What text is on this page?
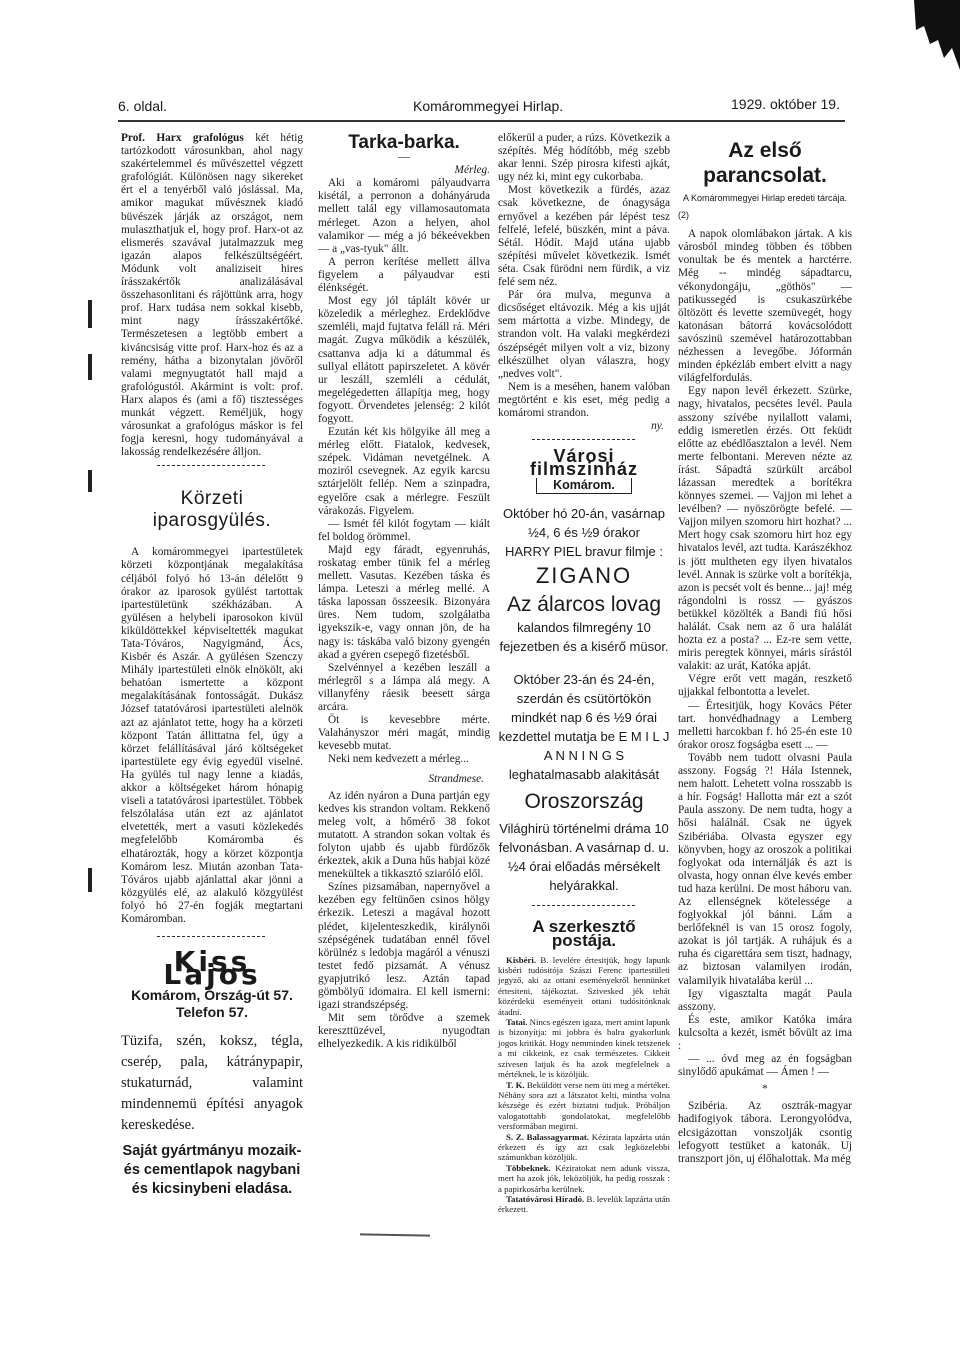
6. oldal.	Komárommegyei Hirlap.	1929. október 19.

Prof. Harx grafológus két hétig tartózkodott városunkban, ahol nagy szakértelemmel és művészettel végzett grafológiát. Különösen nagy sikereket ért el a tenyérből való jóslással. Ma, amikor magukat művésznek kiadó büvészek járják az országot, nem mulaszthatjuk el, hogy prof. Harx-ot az elismerés szavával jutalmazzuk meg igazán alapos felkészültségéért. Módunk volt analiziseit hires írásszakértők analizálásával összehasonlitani és rájöttünk arra, hogy prof. Harx tudása nem sokkal kisebb, mint nagy írásszakértőké. Természetesen a legtöbb embert a kiváncsiság vitte prof. Harx-hoz és az a remény, hátha a bizonytalan jövőről valami megnyugtatót hall majd a grafológustól. Akármint is volt: prof. Harx alapos és (ami a fő) tisztességes munkát végzett. Reméljük, hogy városunkat a grafológus máskor is fel fogja keresni, hogy tudományával a lakosság rendelkezésére álljon.

Körzeti iparosgyülés.

A komárommegyei ipartestületek körzeti központjának megalakítása céljából folyó hó 13-án délelőtt 9 órakor az iparosok gyülést tartottak ipartestületünk székházában. A gyülésen a helybeli iparosokon kivül kiküldöttekkel képviseltették magukat Tata-Tóváros, Nagyigmánd, Ács, Kisbér és Aszár. A gyülésen Szenczy Mihály ipartestületi elnök elnökölt, aki behatóan ismertette a központ megalakításának fontosságát. Dukász József tatatóvárosi ipartestületi alelnök azt az ajánlatot tette, hogy ha a körzeti központ Tatán állittatna fel, úgy a körzet felállításával járó költségeket ipartestülete egy évig egyedül viselné. Ha gyülés tul nagy lenne a kiadás, akkor a költségeket három hónapig viseli a tatatóvárosi ipartestület. Többek felszólalása után ezt az ajánlatot elvetették, mert a vasuti közlekedés megfelelőbb Komáromba és elhatározták, hogy a körzet központja Komárom lesz. Miután azonban Tata-Tóváros ujabb ajánlattal akar jönni a közgyülés elé, az alakuló közgyülést folyó hó 27-én fogják megtartani Komáromban.

Kiss Lajos
Komárom, Ország-út 57.
Telefon 57.
Tüzifa, szén, koksz, tégla, cserép, pala, kátránypapir, stukaturnád, valamint mindennemü építési anyagok kereskedése.
Saját gyártmányu mozaik- és cementlapok nagybani és kicsinybeni eladása.
Tarka-barka.
—
Mérleg.

Aki a komáromi pályaudvarra kisétál, a perronon a dohányáruda mellett talál egy villamosautomata mérleget. Azon a helyen, ahol valamikor — még a jó békeévekben — a „vas-tyuk" állt.

A perron kerítése mellett állva figyelem a pályaudvar esti élénkségét.

Most egy jól táplált kövér ur közeledik a mérleghez. Erdeklődve szemléli, majd fujtatva feláll rá. Méri magát. Zugva működik a készülék, csattanva adja ki a dátummal és sullyal ellátott papirszeletet. A kövér ur leszáll, szemléli a cédulát, megelégedetten állapítja meg, hogy fogyott. Örvendetes jelenség: 2 kilót fogyott.

Ezután két kis hölgyike áll meg a mérleg előtt. Fiatalok, kedvesek, szépek. Vidáman nevetgélnek. A moziról csevegnek. Az egyik karcsu sztárjelölt fellép. Nem a szinpadra, egyelőre csak a mérlegre. Feszült várakozás. Figyelem.

— Ismét fél kilót fogytam — kiált fel boldog örömmel.

Majd egy fáradt, egyenruhás, roskatag ember tünik fel a mérleg mellett. Vasutas. Kezében táska és lámpa. Leteszi a mérleg mellé. A táska lapossan összeesik. Bizonyára üres. Nem tudom, szolgálatba igyekszik-e, vagy onnan jön, de ha nagy is: táskába való bizony gyengén akad a gyéren csepegő fizetésből.

Szelvénnyel a kezében leszáll a mérlegről s a lámpa alá megy. A villanyfény ráesik beesett sárga arcára.

Öt is kevesebbre mérte. Valahányszor méri magát, mindig kevesebb mutat.

Neki nem kedvezett a mérleg...

Strandmese.

Az idén nyáron a Duna partján egy kedves kis strandon voltam. Rekkenő meleg volt, a hőmérő 38 fokot mutatott. A strandon sokan voltak és folyton ujabb és ujabb fürdőzők érkeztek, akik a Duna hűs habjai közé menekültek a tikkasztó sziaróló elől.

Színes pizsamában, napernyővel a kezében egy feltünően csinos hölgy érkezik. Leteszi a magával hozott plédet, kijelenteszkedik, királynői szépségének tudatában ennél fővel körülnéz s ledobja magáról a vénuszi testet fedő pizsamát. A vénusz gyapjutrikó lesz. Aztán tapad gömbölyű idomaira. El kell ismerni: igazi strandszépség.

Mit sem törődve a szemek kereszttüzével, nyugodtan elhelyezkedik. A kis ridikülből

előkerül a puder, a rúzs. Következik a szépítés. Még hódítóbb, még szebb akar lenni. Szép pirosra kifesti ajkát, ugy néz ki, mint egy cukorbaba.

Most következik a fürdés, azaz csak következne, de ónagysága ernyővel a kezében pár lépést tesz felfelé, lefelé, büszkén, mint a páva. Sétál. Hódít. Majd utána ujabb szépítési művelet következik. Ismét séta. Csak fürödni nem fürdik, a viz felé sem néz.

Pár óra mulva, megunva a dicsőséget eltávozik. Még a kis ujját sem mártotta a vizbe. Mindegy, de strandon volt. Ha valaki megkérdezi ószépségét milyen volt a viz, bizony elkészülhet olyan válaszra, hogy „nedves volt".

Nem is a meséhen, hanem valóban megtörtént e kis eset, még pedig a komáromi strandon.

ny.
Városi filmszinház
Komárom.
Október hó 20-án, vasárnap
½4, 6 és ½9 órakor
HARRY PIEL bravur filmje :
ZIGANO
Az álarcos lovag
kalandos filmregény 10 fejezetben és a kisérő müsor.
Október 23-án és 24-én, szerdán és csütörtökön mindkét nap 6 és ½9 órai kezdettel mutatja be E M I L J A N N I N G S leghatalmasabb alakitását
Oroszország
Világhirü történelmi dráma 10 felvonásban. A vasárnap d. u. ½4 órai előadás mérsékelt helyárakkal.
A szerkesztő postája.

Kisbéri. B. levelére értesitjük, hogy lapunk kisbéri tudósitója Szászi Ferenc ipartestületi jegyző, aki az ottani eseményekről hennünket értesiteni, tájékoztat. Szivesked jék tehát közérdekü eseményeit ottani tudósitónknak átadni.

Tatai. Nincs egészen igaza, mert amint lapunk is bizonyítja: mi jobbra és balra gyakorlunk jogos kritikát. Hogy nemminden kinek tetszenek a mi cikkeink, ez csak természetes. Cikkeit szivesen latjuk és ha azok megfelelnek a mértéknek, le is közöljük.

T. K. Beküldött verse nem üti meg a mértéket. Néhány sora azt a látszatot kelti, mintha volna készsége és ezért biztatni tudjuk. Próbáljon valogatottabb gondolatokat, megfelelőbb versformában megirni.

S. Z. Balassagyarmat. Kézirata lapzárta után érkezett és így azt csak legközelebbi számunkban közöljük.

Többeknek. Kéziratokat nem adunk vissza, mert ha azok jók, leközöljük, ha pedig rosszak : a papirkosárba kerülnek.

Tatatóvárosi Híradó. B. levelük lapzárta után érkezett.

Az első parancsolat.
A Komárommegyei Hirlap eredeti tárcája.
(2)

A napok olomlábakon jártak. A kis városból mindeg többen és többen vonultak be és mentek a harctérre. Még -- mindég sápadtarcu, vékonydongáju, „göthös" — patikussegéd is csukaszürkébe öltözött és levette szemüvegét, hogy katonásan bátorrá kovácsolódott savószinü szemével határozottabban nézhessen a levegőbe. Jóformán minden épkézláb embert elvitt a nagy világfelfordulás.

Egy napon levél érkezett. Szürke, nagy, hivatalos, pecsétes levél. Paula asszony szívébe nyilallott valami, eddig ismeretlen érzés. Ott feküdt előtte az ebédlőasztalon a levél. Nem merte felbontani. Mereven nézte az írást. Sápadtá szürkült arcábol lázassan meredtek a borítékra könnyes szemei. — Vajjon mi lehet a levélben? — nyöszörögte befelé. — Vajjon milyen szomoru hirt hozhat? ... Mert hogy csak szomoru hirt hoz egy hivatalos levél, azt tudta. Karászékhoz is jött multheten egy ilyen hivatalos levél. Annak is szürke volt a borítékja, azon is pecsét volt és benne... jaj! még rágondolni is rossz — gyászos betükkel közölték a Bandi fiú hősi halálát. Csak nem az ő ura halálát hozta ez a posta? ... Ez-re sem vette, miris peregtek könnyei, máris sírástól valakit: az urát, Katóka apját.

Végre erőt vett magán, reszkető ujjakkal felbontotta a levelet.

— Értesitjük, hogy Kovács Péter tart. honvédhadnagy a Lemberg melletti harcokban f. hó 25-én este 10 órakor orosz fogságba esett ... —

Tovább nem tudott olvasni Paula asszony. Fogság ?! Hála Istennek, nem halott. Lehetett volna rosszabb is a hír. Fogság! Hallotta már ezt a szót Paula asszony. De nem tudta, hogy a hősi halálnál. Csak ne úgyek Szibériába. Olvasta egyszer egy könyvben, hogy az oroszok a politikai foglyokat oda internálják és azt is olvasta, hogy onnan élve kevés ember tud haza kerülni. De most háboru van. Az ellenségnek kötelessége a foglyokkal jól bánni. Lám a berlőfeknél is van 15 orosz fogoly, azokat is jól tartják. A ruhájuk és a ruha és cigarettára sem tiszt, hadnagy, az biztosan valamilyen irodán, valamilyik hivatalába kerül ...

Igy vigasztalta magát Paula asszony.

És este, amikor Katóka imára kulcsolta a kezét, ismét bővült az ima :

— ... óvd meg az én fogságban sinylődő apukámat — Ámen ! —

*

Szibéria. Az osztrák-magyar hadifogiyok tábora. Lerongyolódva, elcsigázottan vonszolják csontig lefogyott testüket a katonák. Uj transzport jön, uj élőhalottak. Ma még
